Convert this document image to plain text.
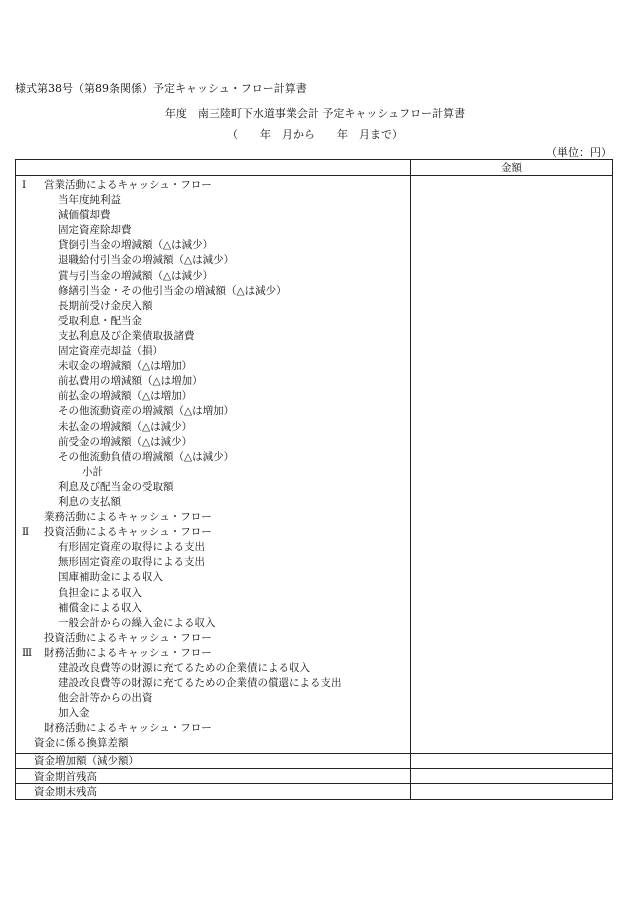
様式第38号（第89条関係）予定キャッシュ・フロー計算書
年度　南三陸町下水道事業会計 予定キャッシュフロー計算書
（　　年　月から　　年　月まで）
（単位：円）
金額
Ⅰ 営業活動によるキャッシュ・フロー
当年度純利益
減価償却費
固定資産除却費
貸倒引当金の増減額（△は減少）
退職給付引当金の増減額（△は減少）
賞与引当金の増減額（△は減少）
修繕引当金・その他引当金の増減額（△は減少）
長期前受け金戻入額
受取利息・配当金
支払利息及び企業債取扱諸費
固定資産売却益（損）
未収金の増減額（△は増加）
前払費用の増減額（△は増加）
前払金の増減額（△は増加）
その他流動資産の増減額（△は増加）
未払金の増減額（△は減少）
前受金の増減額（△は減少）
その他流動負債の増減額（△は減少）
小計
利息及び配当金の受取額
利息の支払額
業務活動によるキャッシュ・フロー
Ⅱ 投資活動によるキャッシュ・フロー
有形固定資産の取得による支出
無形固定資産の取得による支出
国庫補助金による収入
負担金による収入
補償金による収入
一般会計からの繰入金による収入
投資活動によるキャッシュ・フロー
Ⅲ 財務活動によるキャッシュ・フロー
建設改良費等の財源に充てるための企業債による収入
建設改良費等の財源に充てるための企業債の償還による支出
他会計等からの出資
加入金
財務活動によるキャッシュ・フロー
資金に係る換算差額
資金増加額（減少額）
資金期首残高
資金期末残高
